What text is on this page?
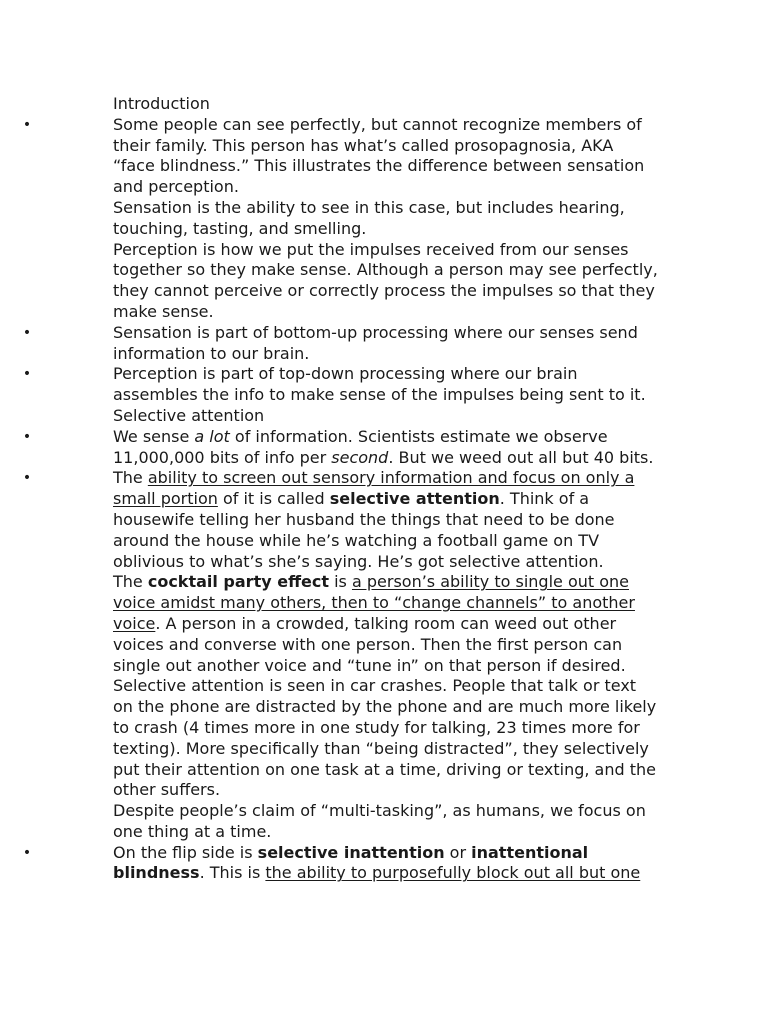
Introduction
•	Some people can see perfectly, but cannot recognize members of their family. This person has what’s called prosopagnosia, AKA “face blindness.” This illustrates the difference between sensation and perception.
Sensation is the ability to see in this case, but includes hearing, touching, tasting, and smelling.
Perception is how we put the impulses received from our senses together so they make sense. Although a person may see perfectly, they cannot perceive or correctly process the impulses so that they make sense.
•	Sensation is part of bottom-up processing where our senses send information to our brain.
•	Perception is part of top-down processing where our brain assembles the info to make sense of the impulses being sent to it.
Selective attention
•	We sense a lot of information. Scientists estimate we observe 11,000,000 bits of info per second. But we weed out all but 40 bits.
•	The ability to screen out sensory information and focus on only a small portion of it is called selective attention. Think of a housewife telling her husband the things that need to be done around the house while he’s watching a football game on TV oblivious to what’s she’s saying. He’s got selective attention.
The cocktail party effect is a person’s ability to single out one voice amidst many others, then to “change channels” to another voice. A person in a crowded, talking room can weed out other voices and converse with one person. Then the first person can single out another voice and “tune in” on that person if desired.
Selective attention is seen in car crashes. People that talk or text on the phone are distracted by the phone and are much more likely to crash (4 times more in one study for talking, 23 times more for texting). More specifically than “being distracted”, they selectively put their attention on one task at a time, driving or texting, and the other suffers.
Despite people’s claim of “multi-tasking”, as humans, we focus on one thing at a time.
•	On the flip side is selective inattention or inattentional blindness. This is the ability to purposefully block out all but one
